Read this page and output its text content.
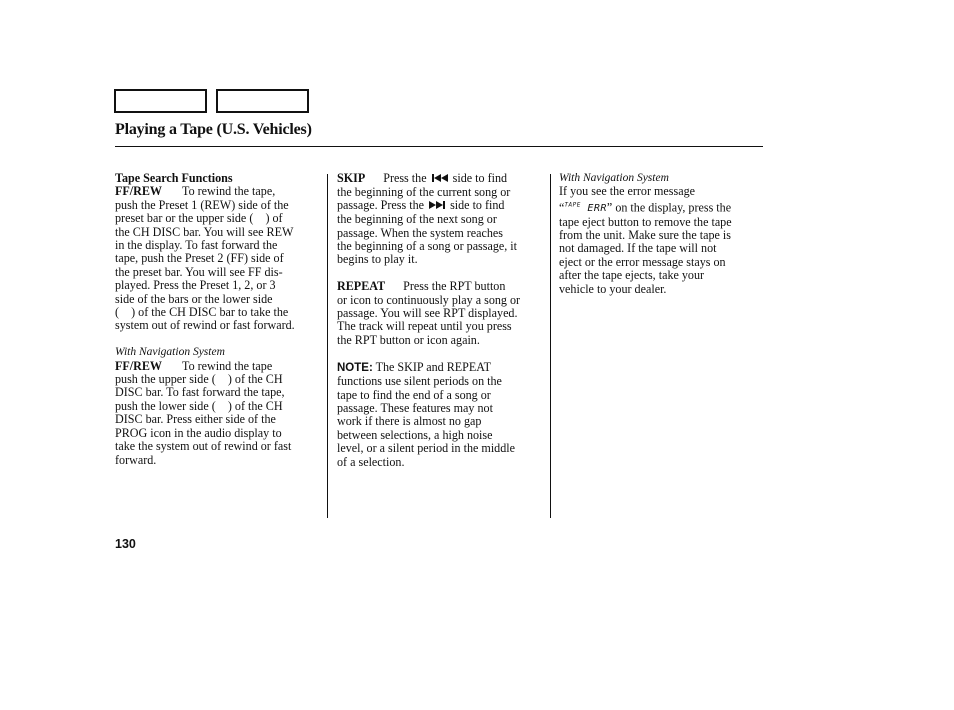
Playing a Tape (U.S. Vehicles)

Tape Search Functions

FF/REW To rewind the tape,

push the Preset 1 (REW) side of the

preset bar or the upper side (    ) of

the CH DISC bar. You will see REW

in the display. To fast forward the

tape, push the Preset 2 (FF) side of

the preset bar. You will see FF dis-

played. Press the Preset 1, 2, or 3

side of the bars or the lower side

(    ) of the CH DISC bar to take the

system out of rewind or fast forward.

With Navigation System

FF/REW To rewind the tape

push the upper side (    ) of the CH

DISC bar. To fast forward the tape,

push the lower side (    ) of the CH

DISC bar. Press either side of the

PROG icon in the audio display to

take the system out of rewind or fast

forward.

SKIP Press the side to find

the beginning of the current song or

passage. Press the side to find

the beginning of the next song or

passage. When the system reaches

the beginning of a song or passage, it

begins to play it.

REPEAT Press the RPT button

or icon to continuously play a song or

passage. You will see RPT displayed.

The track will repeat until you press

the RPT button or icon again.

NOTE: The SKIP and REPEAT

functions use silent periods on the

tape to find the end of a song or

passage. These features may not

work if there is almost no gap

between selections, a high noise

level, or a silent period in the middle

of a selection.

With Navigation System

If you see the error message

“$^{TAPE}$ ERR” on the display, press the

tape eject button to remove the tape

from the unit. Make sure the tape is

not damaged. If the tape will not

eject or the error message stays on

after the tape ejects, take your

vehicle to your dealer.

130
